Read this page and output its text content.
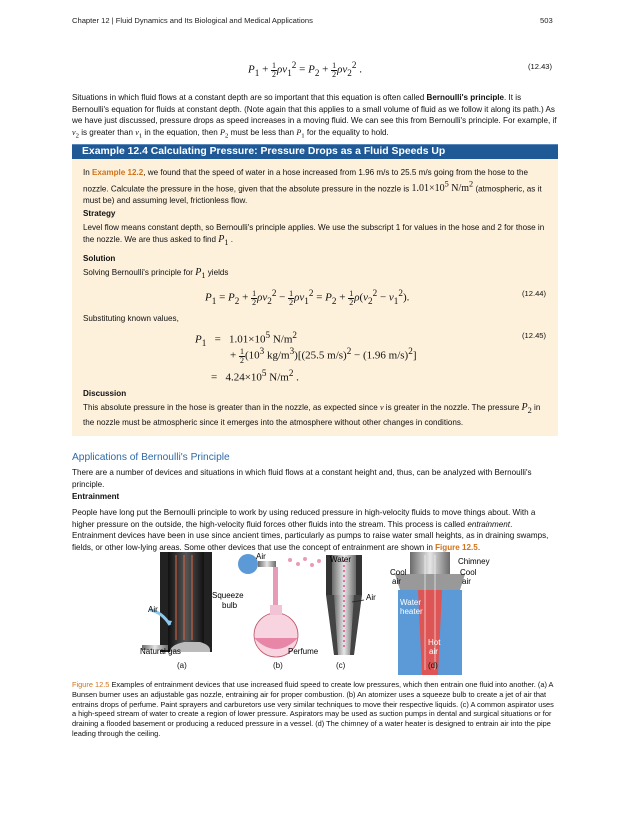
Chapter 12 | Fluid Dynamics and Its Biological and Medical Applications	503
$P_1 + \frac{1}{2} \rho v_1^2 = P_2 + \frac{1}{2} \rho v_2^2$ .	(12.43)
Situations in which fluid flows at a constant depth are so important that this equation is often called Bernoulli's principle. It is Bernoulli's equation for fluids at constant depth. (Note again that this applies to a small volume of fluid as we follow it along its path.) As we have just discussed, pressure drops as speed increases in a moving fluid. We can see this from Bernoulli's principle. For example, if $v_2$ is greater than $v_1$ in the equation, then $P_2$ must be less than $P_1$ for the equality to hold.
Example 12.4 Calculating Pressure: Pressure Drops as a Fluid Speeds Up
In Example 12.2, we found that the speed of water in a hose increased from 1.96 m/s to 25.5 m/s going from the hose to the nozzle. Calculate the pressure in the hose, given that the absolute pressure in the nozzle is $1.01\times 10^5$ $N/m^2$ (atmospheric, as it must be) and assuming level, frictionless flow.
Strategy
Level flow means constant depth, so Bernoulli's principle applies. We use the subscript 1 for values in the hose and 2 for those in the nozzle. We are thus asked to find $P_1$ .
Solution
Solving Bernoulli's principle for $P_1$ yields
$P_1 = P_2 + \frac{1}{2} \rho v_2^2 - \frac{1}{2} \rho v_1^2 = P_2 + \frac{1}{2} \rho(v_2^2 - v_1^2)$.	(12.44)
Substituting known values,
$P_1 = 1.01\times 10^5$ $N/m^2$	(12.45)
+ $\frac{1}{2} (10^3$ $kg/m^3)[(25.5$ m/s)$^2$ − (1.96 m/s)$^2$]
=   $4.24\times 10^5$ $N/m^2$ .
Discussion
This absolute pressure in the hose is greater than in the nozzle, as expected since v is greater in the nozzle. The pressure $P_2$ in the nozzle must be atmospheric since it emerges into the atmosphere without other changes in conditions.
Applications of Bernoulli's Principle
There are a number of devices and situations in which fluid flows at a constant height and, thus, can be analyzed with Bernoulli's principle.
Entrainment
People have long put the Bernoulli principle to work by using reduced pressure in high-velocity fluids to move things about. With a higher pressure on the outside, the high-velocity fluid forces other fluids into the stream. This process is called entrainment. Entrainment devices have been in use since ancient times, particularly as pumps to raise water small heights, as in draining swamps, fields, or other low-lying areas. Some other devices that use the concept of entrainment are shown in Figure 12.5.
Air
Natural gas
Air
Squeeze
bulb
Perfume
Water
Air
Chimney
Cool
air
Cool
air
Water
heater
Hot
air
(a)	(b)	(c)	(d)
Figure 12.5 Examples of entrainment devices that use increased fluid speed to create low pressures, which then entrain one fluid into another. (a) A Bunsen burner uses an adjustable gas nozzle, entraining air for proper combustion. (b) An atomizer uses a squeeze bulb to create a jet of air that entrains drops of perfume. Paint sprayers and carburetors use very similar techniques to move their respective liquids. (c) A common aspirator uses a high-speed stream of water to create a region of lower pressure. Aspirators may be used as suction pumps in dental and surgical situations or for draining a flooded basement or producing a reduced pressure in a vessel. (d) The chimney of a water heater is designed to entrain air into the pipe leading through the ceiling.
